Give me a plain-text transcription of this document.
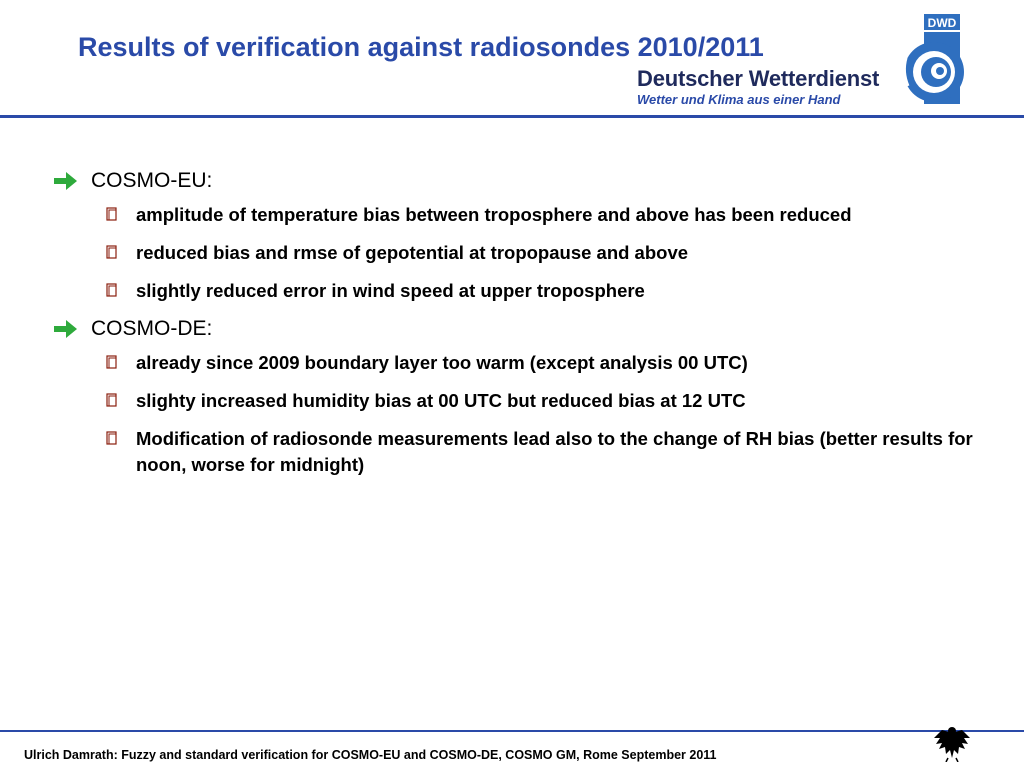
Results of verification against radiosondes 2010/2011
Deutscher Wetterdienst
Wetter und Klima aus einer Hand
DWD
COSMO-EU:
amplitude of temperature bias between troposphere and above has been reduced
reduced bias and rmse of gepotential at tropopause and above
slightly reduced error in wind speed at upper troposphere
COSMO-DE:
already since 2009 boundary layer too warm (except analysis 00 UTC)
slighty increased humidity bias at 00 UTC but reduced bias at 12 UTC
Modification of radiosonde measurements lead also to the change of RH bias (better results for noon, worse for midnight)
Ulrich Damrath: Fuzzy and standard verification for COSMO-EU and COSMO-DE, COSMO GM, Rome September 2011
